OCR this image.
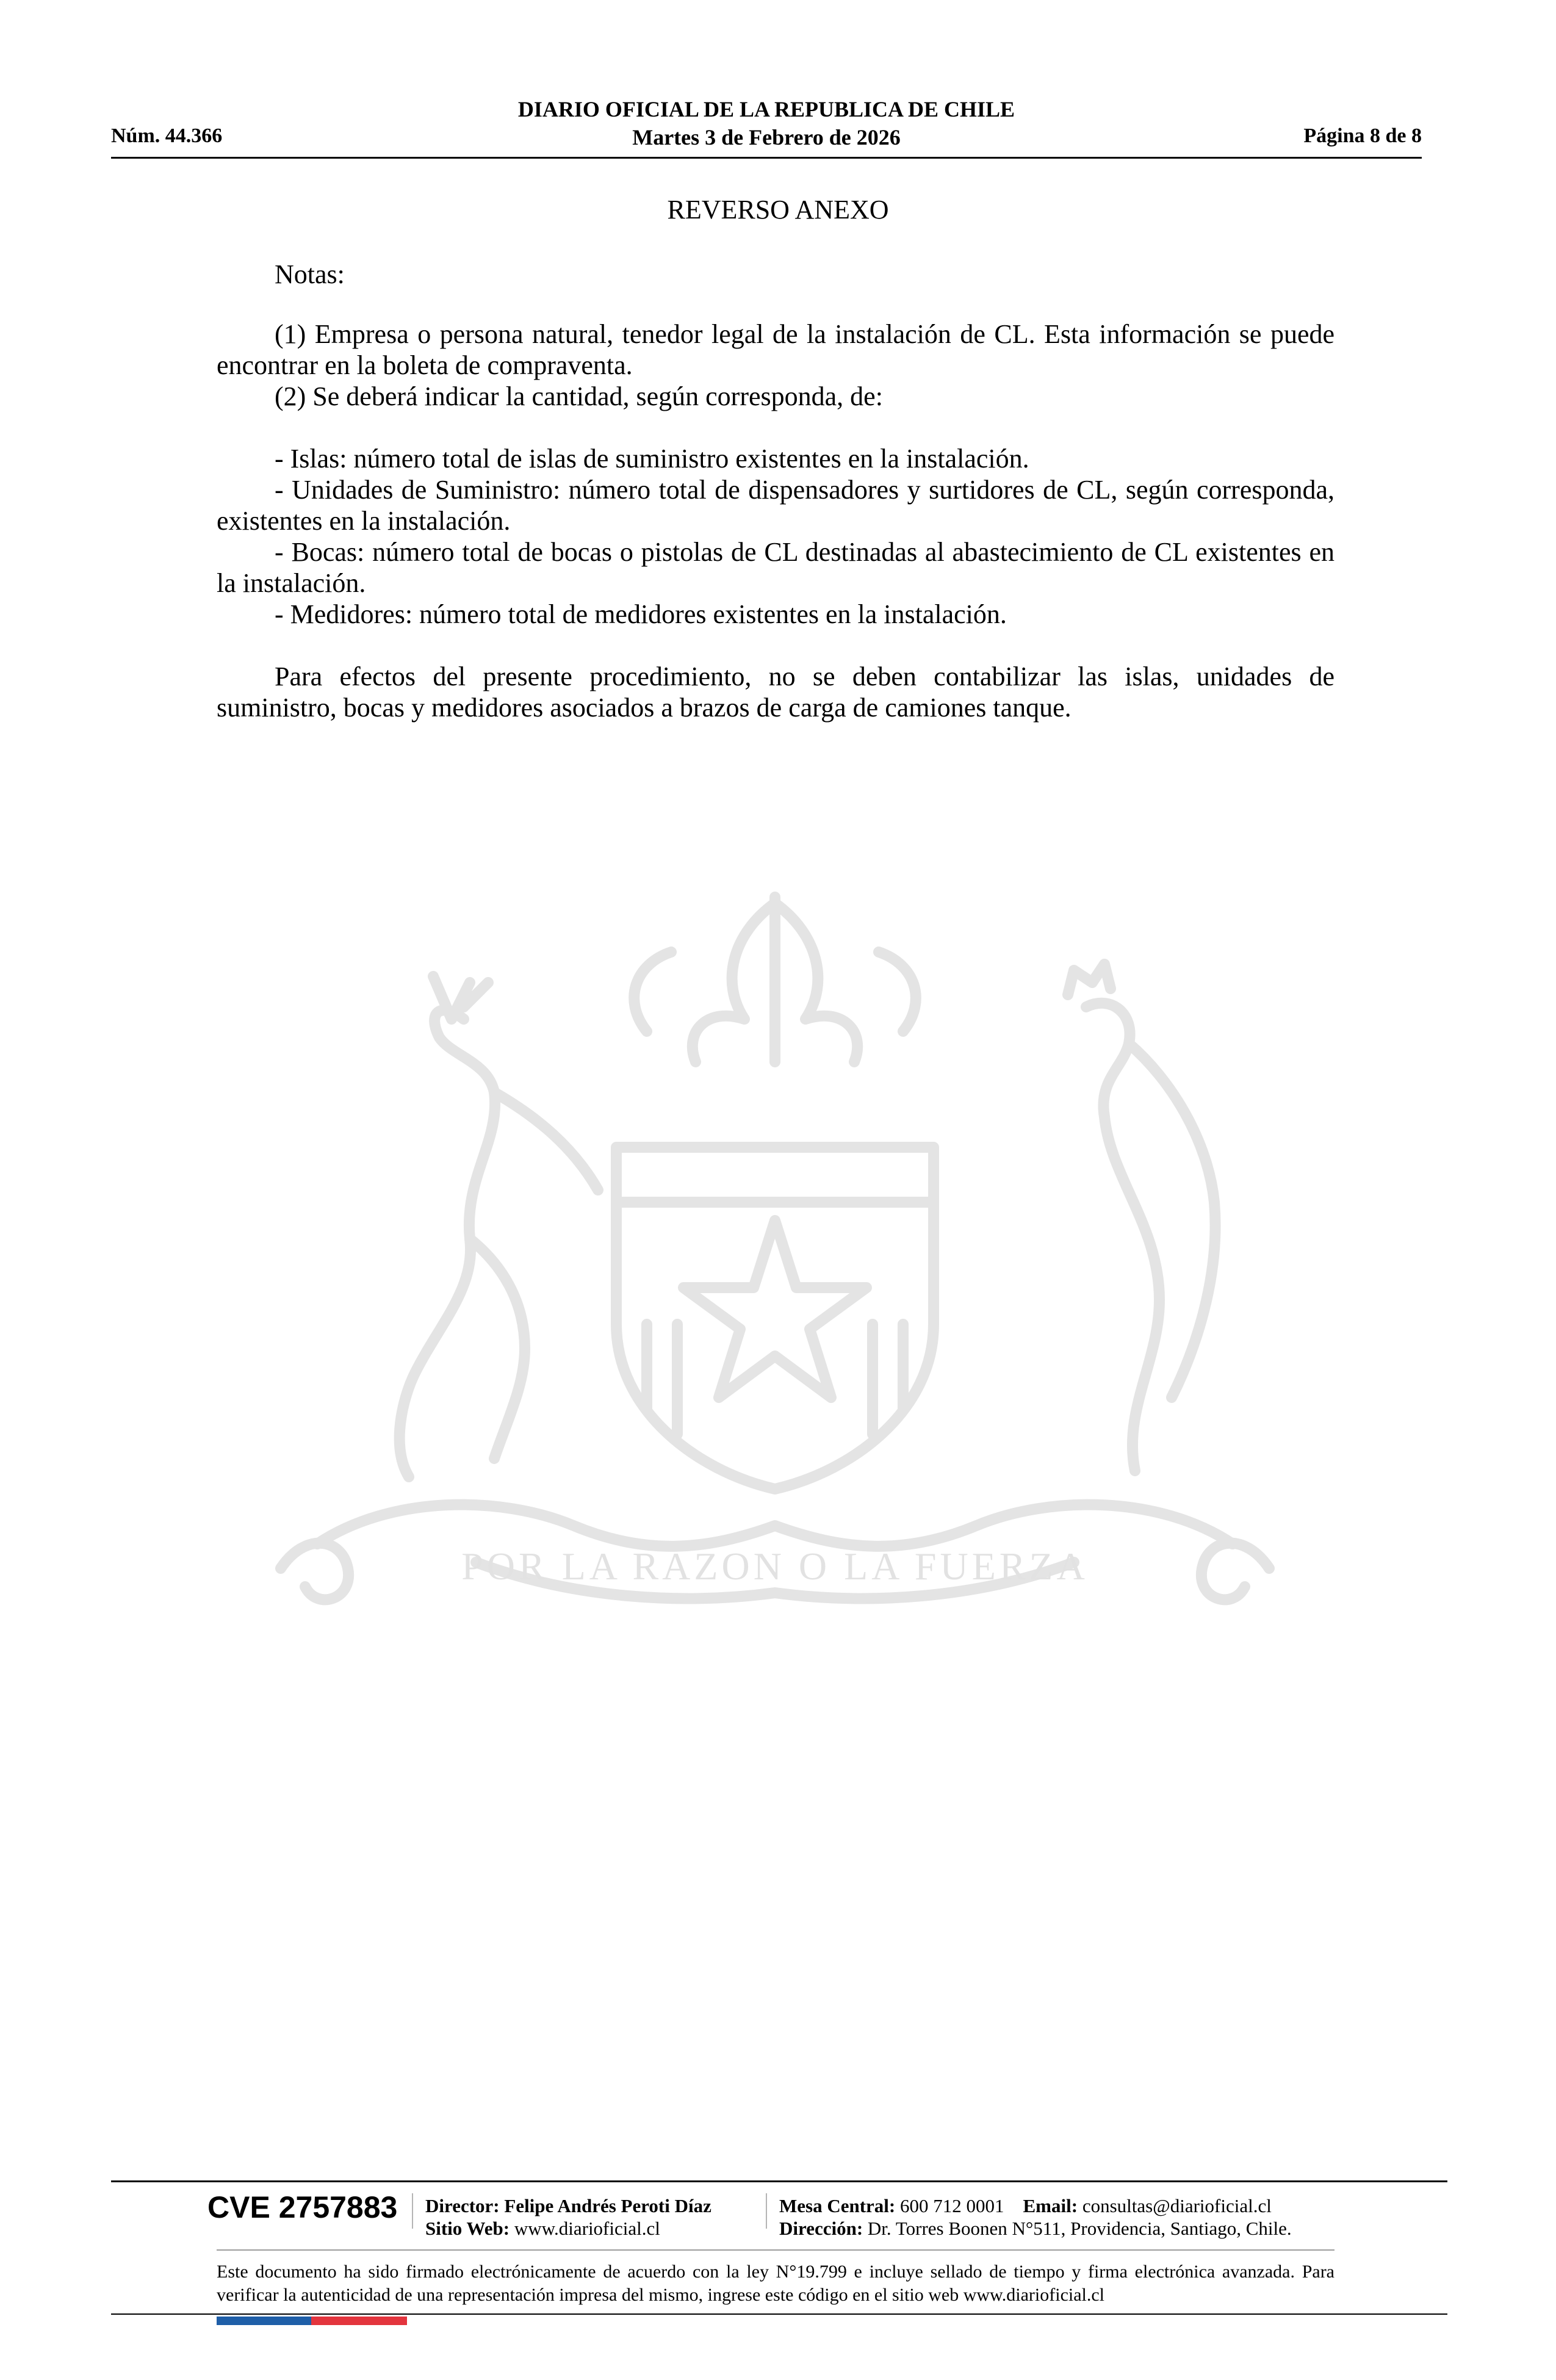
DIARIO OFICIAL DE LA REPUBLICA DE CHILE
Núm. 44.366	Martes 3 de Febrero de 2026	Página 8 de 8
POR LA RAZON O LA FUERZA
REVERSO ANEXO

Notas:

(1) Empresa o persona natural, tenedor legal de la instalación de CL. Esta información se puede encontrar en la boleta de compraventa.

(2) Se deberá indicar la cantidad, según corresponda, de:

- Islas: número total de islas de suministro existentes en la instalación.

- Unidades de Suministro: número total de dispensadores y surtidores de CL, según corresponda, existentes en la instalación.

- Bocas: número total de bocas o pistolas de CL destinadas al abastecimiento de CL existentes en la instalación.

- Medidores: número total de medidores existentes en la instalación.

Para efectos del presente procedimiento, no se deben contabilizar las islas, unidades de suministro, bocas y medidores asociados a brazos de carga de camiones tanque.

CVE 2757883 Director: Felipe Andrés Peroti Díaz
Sitio Web: www.diarioficial.cl
Mesa Central: 600 712 0001 Email: consultas@diarioficial.cl
Dirección: Dr. Torres Boonen N°511, Providencia, Santiago, Chile.
Este documento ha sido firmado electrónicamente de acuerdo con la ley N°19.799 e incluye sellado de tiempo y firma electrónica avanzada. Para verificar la autenticidad de una representación impresa del mismo, ingrese este código en el sitio web www.diarioficial.cl
